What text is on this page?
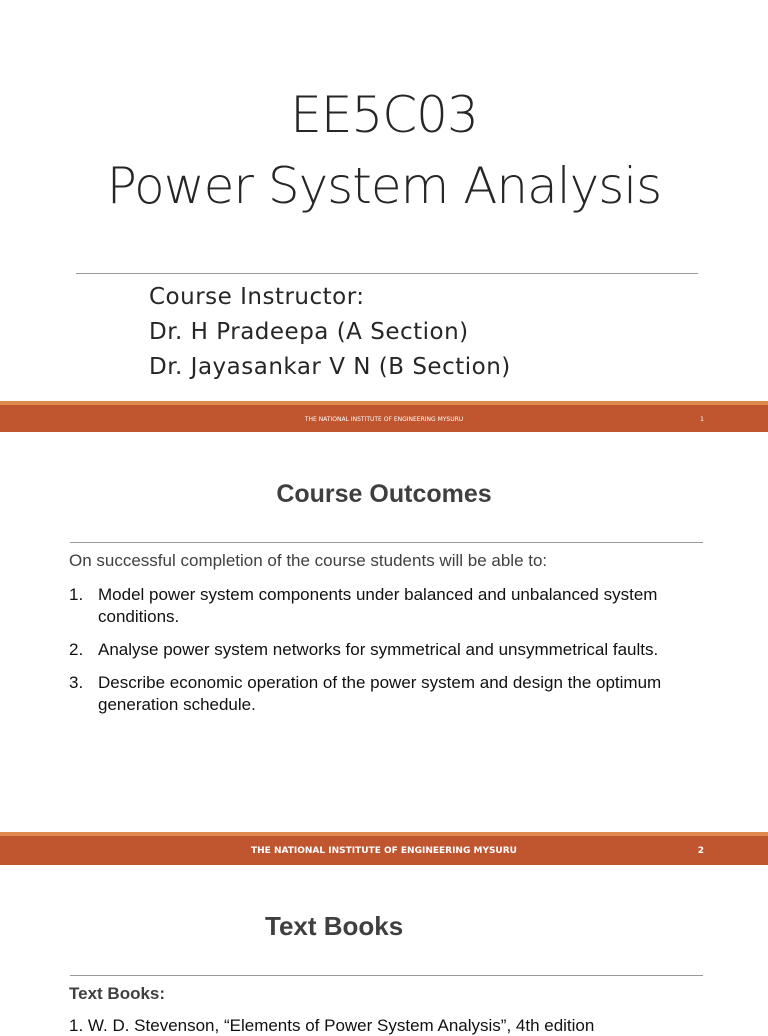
EE5C03
Power System Analysis
Course Instructor:
Dr. H Pradeepa (A Section)
Dr. Jayasankar V N (B Section)
THE NATIONAL INSTITUTE OF ENGINEERING MYSURU	1
Course Outcomes
On successful completion of the course students will be able to:
1. Model power system components under balanced and unbalanced system conditions.
2. Analyse power system networks for symmetrical and unsymmetrical faults.
3. Describe economic operation of the power system and design the optimum generation schedule.
THE NATIONAL INSTITUTE OF ENGINEERING MYSURU	2
Text Books
Text Books:
1. W. D. Stevenson, “Elements of Power System Analysis”, 4th edition
